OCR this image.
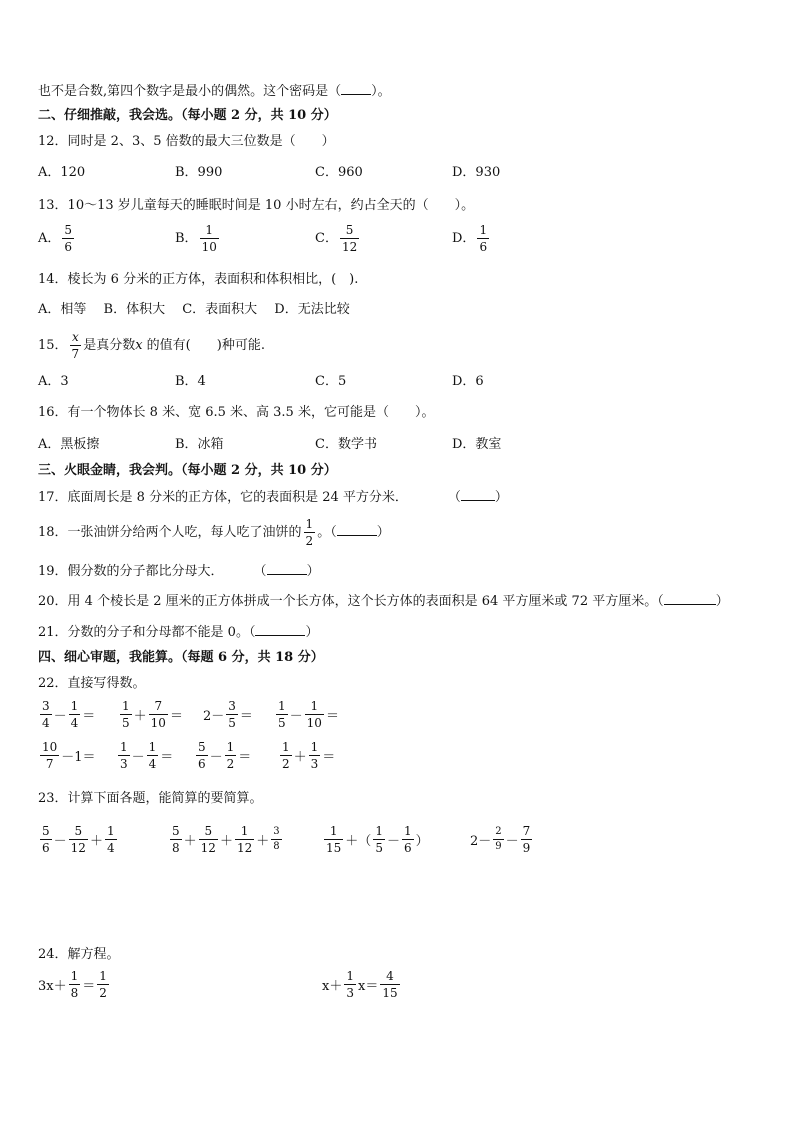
也不是合数,第四个数字是最小的偶然。这个密码是（ ）。
二、仔细推敲，我会选。（每小题 2 分，共 10 分）
12．同时是 2、3、5 倍数的最大三位数是（　　）
A．120	B．990	C．960	D．930
13．10～13 岁儿童每天的睡眠时间是 10 小时左右，约占全天的（　　）。
A． $\frac{5}{6}$	B． $\frac{1}{10}$	C． $\frac{5}{12}$	D． $\frac{1}{6}$
14．棱长为 6 分米的正方体，表面积和体积相比，(　).
A．相等　 B．体积大　 C．表面积大　 D．无法比较
15． $\frac{x}{7}$ 是真分数x 的值有(　　)种可能.
A．3	B．4	C．5	D．6
16．有一个物体长 8 米、宽 6.5 米、高 3.5 米，它可能是（　　）。
A．黑板擦	B．冰箱	C．数学书	D．教室
三、火眼金睛，我会判。（每小题 2 分，共 10 分）
17．底面周长是 8 分米的正方体，它的表面积是 24 平方分米．	（	）
18．一张油饼分给两个人吃，每人吃了油饼的 $\frac{1}{2}$ 。（	）
19．假分数的分子都比分母大． （	）
20．用 4 个棱长是 2 厘米的正方体拼成一个长方体，这个长方体的表面积是 64 平方厘米或 72 平方厘米。（	）
21．分数的分子和分母都不能是 0。（	）
四、细心审题，我能算。（每题 6 分，共 18 分）
22．直接写得数。
$\frac{3}{4} - \frac{1}{4} = \frac{1}{5} + \frac{7}{10} = 2- \frac{3}{5} = \frac{1}{5} - \frac{1}{10}$ ＝
$\frac{10}{7} -1= \frac{1}{3} - \frac{1}{4} = \frac{5}{6} - \frac{1}{2} = \frac{1}{2} + \frac{1}{3}$ ＝
23．计算下面各题，能简算的要简算。
$\frac{5}{6} - \frac{5}{12} + \frac{1}{4}$	$\frac{5}{8} + \frac{5}{12} + \frac{1}{12} + \frac{3}{8}$	$\frac{1}{15}$ ＋（ $\frac{1}{5} - \frac{1}{6}$ ）	$2- \frac{2}{9} - \frac{7}{9}$
24．解方程。
$3x+ \frac{1}{8} = \frac{1}{2}$	$x+ \frac{1}{3} x= \frac{4}{15}$
